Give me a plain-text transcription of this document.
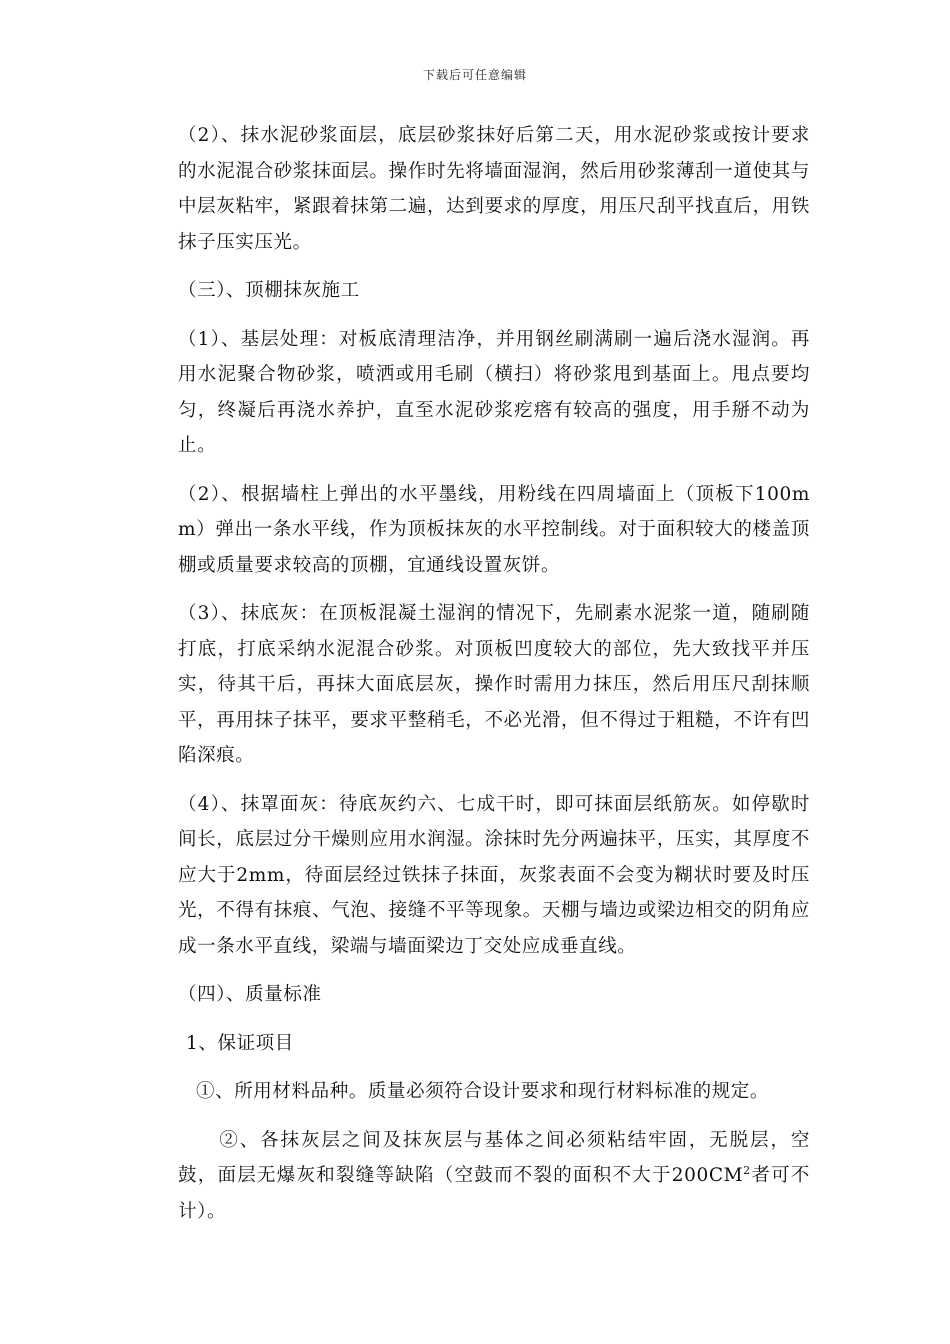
下载后可任意编辑

（2）、抹水泥砂浆面层，底层砂浆抹好后第二天，用水泥砂浆或按计要求的水泥混合砂浆抹面层。操作时先将墙面湿润，然后用砂浆薄刮一道使其与中层灰粘牢，紧跟着抹第二遍，达到要求的厚度，用压尺刮平找直后，用铁抹子压实压光。

（三）、顶棚抹灰施工

（1）、基层处理：对板底清理洁净，并用钢丝刷满刷一遍后浇水湿润。再用水泥聚合物砂浆，喷洒或用毛刷（横扫）将砂浆甩到基面上。甩点要均匀，终凝后再浇水养护，直至水泥砂浆疙瘩有较高的强度，用手掰不动为止。

（2）、根据墙柱上弹出的水平墨线，用粉线在四周墙面上（顶板下100mm）弹出一条水平线，作为顶板抹灰的水平控制线。对于面积较大的楼盖顶棚或质量要求较高的顶棚，宜通线设置灰饼。

（3）、抹底灰：在顶板混凝土湿润的情况下，先刷素水泥浆一道，随刷随打底，打底采纳水泥混合砂浆。对顶板凹度较大的部位，先大致找平并压实，待其干后，再抹大面底层灰，操作时需用力抹压，然后用压尺刮抹顺平，再用抹子抹平，要求平整稍毛，不必光滑，但不得过于粗糙，不许有凹陷深痕。

（4）、抹罩面灰：待底灰约六、七成干时，即可抹面层纸筋灰。如停歇时间长，底层过分干燥则应用水润湿。涂抹时先分两遍抹平，压实，其厚度不应大于2mm，待面层经过铁抹子抹面，灰浆表面不会变为糊状时要及时压光，不得有抹痕、气泡、接缝不平等现象。天棚与墙边或梁边相交的阴角应成一条水平直线，梁端与墙面梁边丁交处应成垂直线。

（四）、质量标准

1、保证项目

①、所用材料品种。质量必须符合设计要求和现行材料标准的规定。

②、各抹灰层之间及抹灰层与基体之间必须粘结牢固，无脱层，空鼓，面层无爆灰和裂缝等缺陷（空鼓而不裂的面积不大于$200CM^2$者可不计）。
